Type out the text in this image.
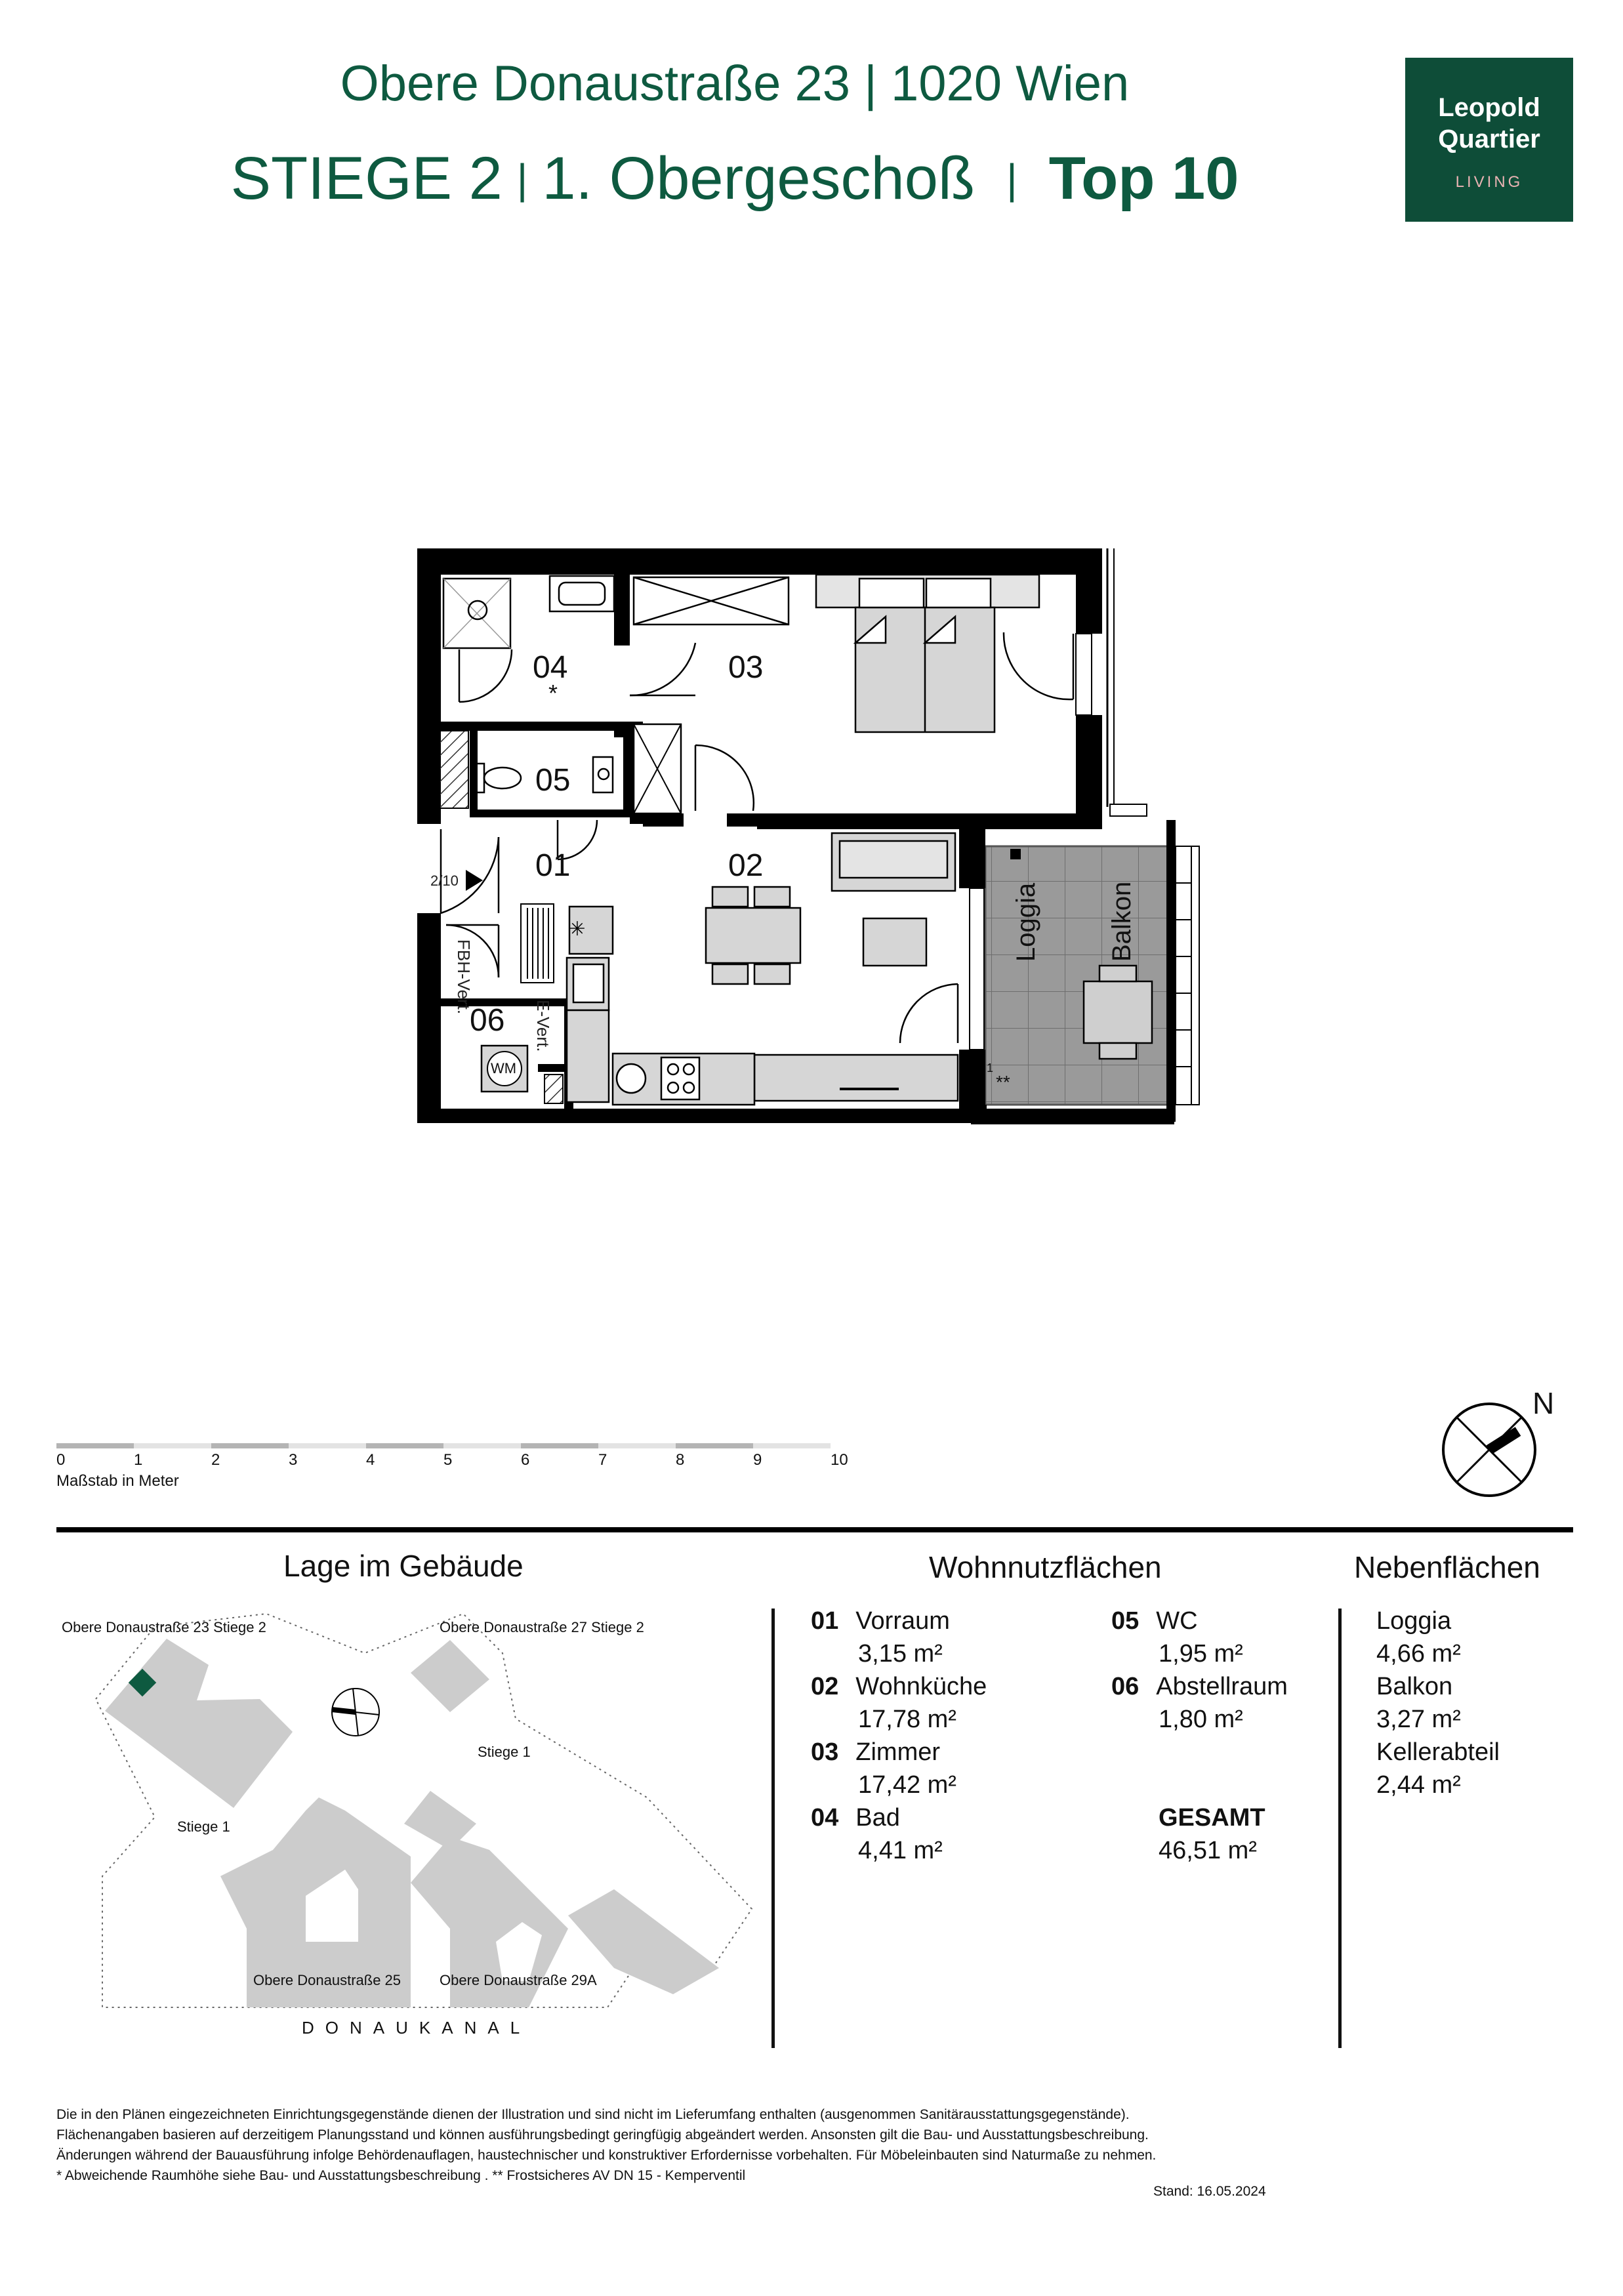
Obere Donaustraße 23 | 1020 Wien
STIEGE 2 | 1. Obergeschoß | Top 10
Leopold
Quartier
LIVING
✳
04
*
03
05
01	02
06
2/10
FBH-Vert.
E-Vert.
WM
Loggia	Balkon
1
**
0	1	2	3	4	5	6	7	8	9	10
Maßstab in Meter
N
Lage im Gebäude
Obere Donaustraße 23 Stiege 2	Obere Donaustraße 27 Stiege 2
Stiege 1
Stiege 1
Obere Donaustraße 25	Obere Donaustraße 29A
DONAUKANAL
Wohnnutzflächen
01 Vorraum
3,15 m²
02 Wohnküche
17,78 m²
03 Zimmer
17,42 m²
04 Bad
4,41 m²
05 WC
1,95 m²
06 Abstellraum
1,80 m²
GESAMT
46,51 m²
Nebenflächen
Loggia
4,66 m²
Balkon
3,27 m²
Kellerabteil
2,44 m²
Die in den Plänen eingezeichneten Einrichtungsgegenstände dienen der Illustration und sind nicht im Lieferumfang enthalten (ausgenommen Sanitärausstattungsgegenstände).
Flächenangaben basieren auf derzeitigem Planungsstand und können ausführungsbedingt geringfügig abgeändert werden. Ansonsten gilt die Bau- und Ausstattungsbeschreibung.
Änderungen während der Bauausführung infolge Behördenauflagen, haustechnischer und konstruktiver Erfordernisse vorbehalten. Für Möbeleinbauten sind Naturmaße zu nehmen.
* Abweichende Raumhöhe siehe Bau- und Ausstattungsbeschreibung . ** Frostsicheres AV DN 15 - Kemperventil
Stand: 16.05.2024
